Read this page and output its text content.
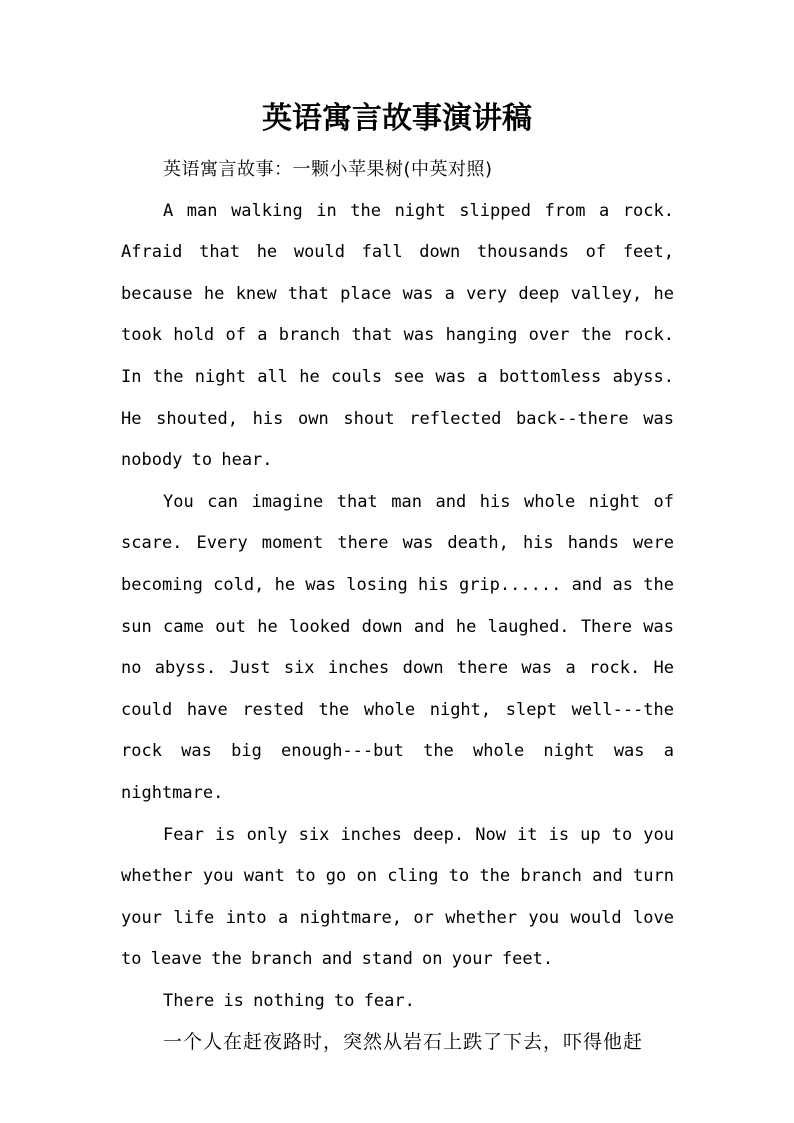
英语寓言故事演讲稿

英语寓言故事：一颗小苹果树(中英对照)

A man walking in the night slipped from a rock. Afraid that he would fall down thousands of feet, because he knew that place was a very deep valley, he took hold of a branch that was hanging over the rock. In the night all he couls see was a bottomless abyss. He shouted, his own shout reflected back--there was nobody to hear.

You can imagine that man and his whole night of scare. Every moment there was death, his hands were becoming cold, he was losing his grip...... and as the sun came out he looked down and he laughed. There was no abyss. Just six inches down there was a rock. He could have rested the whole night, slept well---the rock was big enough---but the whole night was a nightmare.

Fear is only six inches deep. Now it is up to you whether you want to go on cling to the branch and turn your life into a nightmare, or whether you would love to leave the branch and stand on your feet.

There is nothing to fear.

一个人在赶夜路时，突然从岩石上跌了下去，吓得他赶
